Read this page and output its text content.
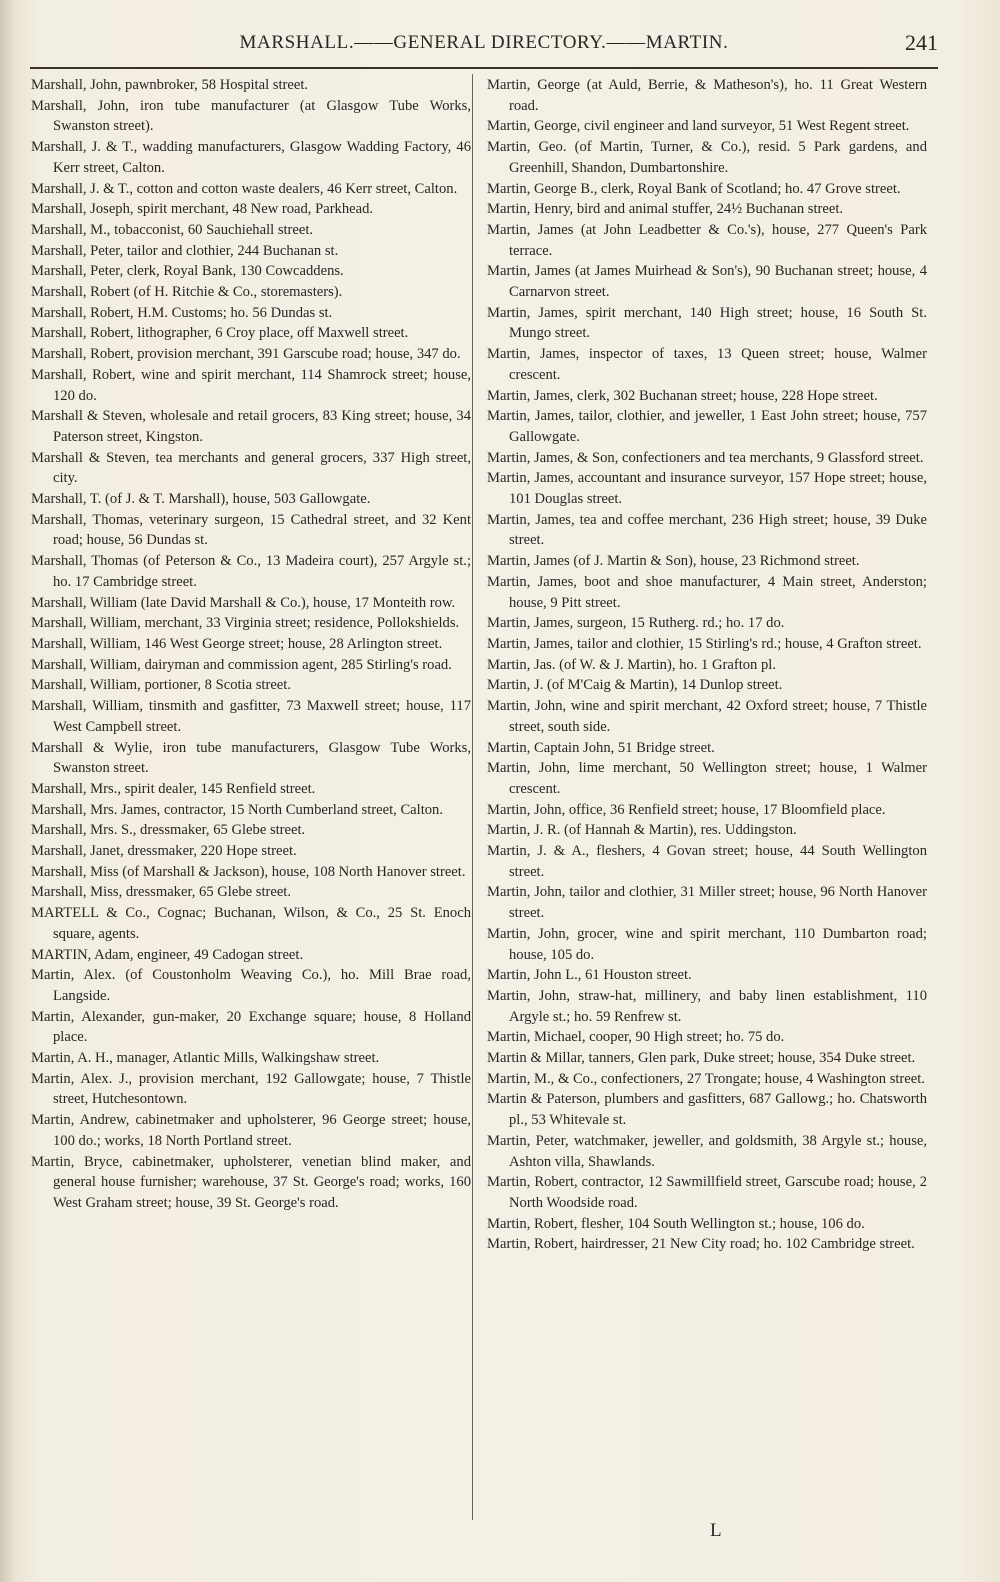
MARSHALL.——GENERAL DIRECTORY.——MARTIN.	241

Marshall, John, pawnbroker, 58 Hospital street.

Marshall, John, iron tube manufacturer (at Glasgow Tube Works, Swanston street).

Marshall, J. & T., wadding manufacturers, Glasgow Wadding Factory, 46 Kerr street, Calton.

Marshall, J. & T., cotton and cotton waste dealers, 46 Kerr street, Calton.

Marshall, Joseph, spirit merchant, 48 New road, Parkhead.

Marshall, M., tobacconist, 60 Sauchiehall street.

Marshall, Peter, tailor and clothier, 244 Buchanan st.

Marshall, Peter, clerk, Royal Bank, 130 Cowcaddens.

Marshall, Robert (of H. Ritchie & Co., storemasters).

Marshall, Robert, H.M. Customs; ho. 56 Dundas st.

Marshall, Robert, lithographer, 6 Croy place, off Maxwell street.

Marshall, Robert, provision merchant, 391 Garscube road; house, 347 do.

Marshall, Robert, wine and spirit merchant, 114 Shamrock street; house, 120 do.

Marshall & Steven, wholesale and retail grocers, 83 King street; house, 34 Paterson street, Kingston.

Marshall & Steven, tea merchants and general grocers, 337 High street, city.

Marshall, T. (of J. & T. Marshall), house, 503 Gallowgate.

Marshall, Thomas, veterinary surgeon, 15 Cathedral street, and 32 Kent road; house, 56 Dundas st.

Marshall, Thomas (of Peterson & Co., 13 Madeira court), 257 Argyle st.; ho. 17 Cambridge street.

Marshall, William (late David Marshall & Co.), house, 17 Monteith row.

Marshall, William, merchant, 33 Virginia street; residence, Pollokshields.

Marshall, William, 146 West George street; house, 28 Arlington street.

Marshall, William, dairyman and commission agent, 285 Stirling's road.

Marshall, William, portioner, 8 Scotia street.

Marshall, William, tinsmith and gasfitter, 73 Maxwell street; house, 117 West Campbell street.

Marshall & Wylie, iron tube manufacturers, Glasgow Tube Works, Swanston street.

Marshall, Mrs., spirit dealer, 145 Renfield street.

Marshall, Mrs. James, contractor, 15 North Cumberland street, Calton.

Marshall, Mrs. S., dressmaker, 65 Glebe street.

Marshall, Janet, dressmaker, 220 Hope street.

Marshall, Miss (of Marshall & Jackson), house, 108 North Hanover street.

Marshall, Miss, dressmaker, 65 Glebe street.

MARTELL & Co., Cognac; Buchanan, Wilson, & Co., 25 St. Enoch square, agents.

MARTIN, Adam, engineer, 49 Cadogan street.

Martin, Alex. (of Coustonholm Weaving Co.), ho. Mill Brae road, Langside.

Martin, Alexander, gun-maker, 20 Exchange square; house, 8 Holland place.

Martin, A. H., manager, Atlantic Mills, Walkingshaw street.

Martin, Alex. J., provision merchant, 192 Gallowgate; house, 7 Thistle street, Hutchesontown.

Martin, Andrew, cabinetmaker and upholsterer, 96 George street; house, 100 do.; works, 18 North Portland street.

Martin, Bryce, cabinetmaker, upholsterer, venetian blind maker, and general house furnisher; warehouse, 37 St. George's road; works, 160 West Graham street; house, 39 St. George's road.

Martin, George (at Auld, Berrie, & Matheson's), ho. 11 Great Western road.

Martin, George, civil engineer and land surveyor, 51 West Regent street.

Martin, Geo. (of Martin, Turner, & Co.), resid. 5 Park gardens, and Greenhill, Shandon, Dumbartonshire.

Martin, George B., clerk, Royal Bank of Scotland; ho. 47 Grove street.

Martin, Henry, bird and animal stuffer, 24½ Buchanan street.

Martin, James (at John Leadbetter & Co.'s), house, 277 Queen's Park terrace.

Martin, James (at James Muirhead & Son's), 90 Buchanan street; house, 4 Carnarvon street.

Martin, James, spirit merchant, 140 High street; house, 16 South St. Mungo street.

Martin, James, inspector of taxes, 13 Queen street; house, Walmer crescent.

Martin, James, clerk, 302 Buchanan street; house, 228 Hope street.

Martin, James, tailor, clothier, and jeweller, 1 East John street; house, 757 Gallowgate.

Martin, James, & Son, confectioners and tea merchants, 9 Glassford street.

Martin, James, accountant and insurance surveyor, 157 Hope street; house, 101 Douglas street.

Martin, James, tea and coffee merchant, 236 High street; house, 39 Duke street.

Martin, James (of J. Martin & Son), house, 23 Richmond street.

Martin, James, boot and shoe manufacturer, 4 Main street, Anderston; house, 9 Pitt street.

Martin, James, surgeon, 15 Rutherg. rd.; ho. 17 do.

Martin, James, tailor and clothier, 15 Stirling's rd.; house, 4 Grafton street.

Martin, Jas. (of W. & J. Martin), ho. 1 Grafton pl.

Martin, J. (of M'Caig & Martin), 14 Dunlop street.

Martin, John, wine and spirit merchant, 42 Oxford street; house, 7 Thistle street, south side.

Martin, Captain John, 51 Bridge street.

Martin, John, lime merchant, 50 Wellington street; house, 1 Walmer crescent.

Martin, John, office, 36 Renfield street; house, 17 Bloomfield place.

Martin, J. R. (of Hannah & Martin), res. Uddingston.

Martin, J. & A., fleshers, 4 Govan street; house, 44 South Wellington street.

Martin, John, tailor and clothier, 31 Miller street; house, 96 North Hanover street.

Martin, John, grocer, wine and spirit merchant, 110 Dumbarton road; house, 105 do.

Martin, John L., 61 Houston street.

Martin, John, straw-hat, millinery, and baby linen establishment, 110 Argyle st.; ho. 59 Renfrew st.

Martin, Michael, cooper, 90 High street; ho. 75 do.

Martin & Millar, tanners, Glen park, Duke street; house, 354 Duke street.

Martin, M., & Co., confectioners, 27 Trongate; house, 4 Washington street.

Martin & Paterson, plumbers and gasfitters, 687 Gallowg.; ho. Chatsworth pl., 53 Whitevale st.

Martin, Peter, watchmaker, jeweller, and goldsmith, 38 Argyle st.; house, Ashton villa, Shawlands.

Martin, Robert, contractor, 12 Sawmillfield street, Garscube road; house, 2 North Woodside road.

Martin, Robert, flesher, 104 South Wellington st.; house, 106 do.

Martin, Robert, hairdresser, 21 New City road; ho. 102 Cambridge street.

L
